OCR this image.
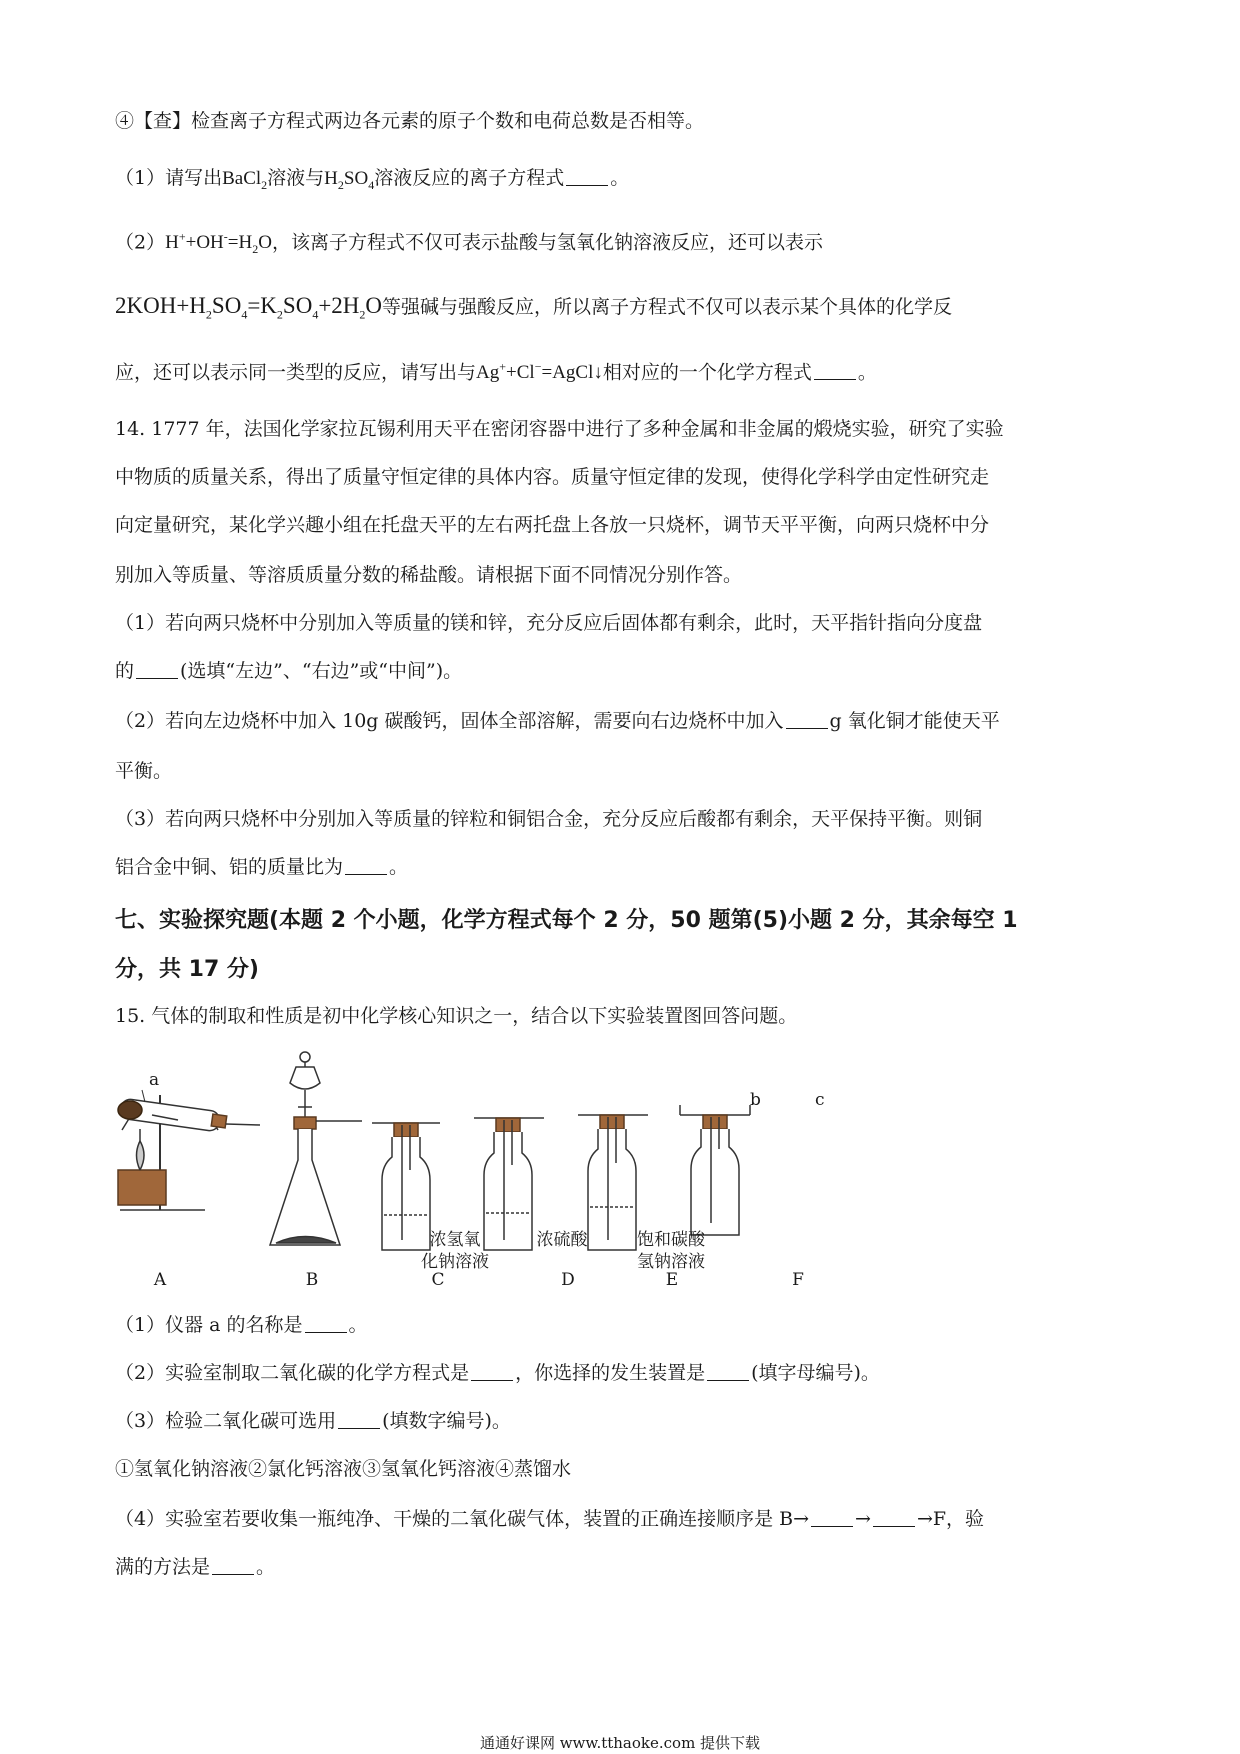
④【查】检查离子方程式两边各元素的原子个数和电荷总数是否相等。
（1）请写出BaCl$_2$溶液与$H_2SO_4$溶液反应的离子方程式 。
$(2)H^++OH^-=H_2O$，该离子方程式不仅可表示盐酸与氢氧化钠溶液反应，还可以表示
$2KOH+H_2SO_4=K_2SO_4+2H_2O$等强碱与强酸反应，所以离子方程式不仅可以表示某个具体的化学反
应，还可以表示同一类型的反应，请写出与Ag++Cl−=AgCl↓相对应的一个化学方程式 。
14. 1777 年，法国化学家拉瓦锡利用天平在密闭容器中进行了多种金属和非金属的煅烧实验，研究了实验
中物质的质量关系，得出了质量守恒定律的具体内容。质量守恒定律的发现，使得化学科学由定性研究走
向定量研究，某化学兴趣小组在托盘天平的左右两托盘上各放一只烧杯，调节天平平衡，向两只烧杯中分
别加入等质量、等溶质质量分数的稀盐酸。请根据下面不同情况分别作答。
（1）若向两只烧杯中分别加入等质量的镁和锌，充分反应后固体都有剩余，此时，天平指针指向分度盘
的 (选填“左边”、“右边”或“中间”)。
（2）若向左边烧杯中加入 10g 碳酸钙，固体全部溶解，需要向右边烧杯中加入 g 氧化铜才能使天平
平衡。
（3）若向两只烧杯中分别加入等质量的锌粒和铜铝合金，充分反应后酸都有剩余，天平保持平衡。则铜
铝合金中铜、铝的质量比为 。
七、实验探究题(本题 2 个小题，化学方程式每个 2 分，50 题第(5)小题 2 分，其余每空 1
分，共 17 分)
15. 气体的制取和性质是初中化学核心知识之一，结合以下实验装置图回答问题。
a
b	c
浓氢氧
化钠溶液
浓硫酸	饱和碳酸
氢钠溶液
A	B	C	D	E	F
（1）仪器 a 的名称是 。
（2）实验室制取二氧化碳的化学方程式是 ，你选择的发生装置是 (填字母编号)。
（3）检验二氧化碳可选用 (填数字编号)。
①氢氧化钠溶液②氯化钙溶液③氢氧化钙溶液④蒸馏水
（4）实验室若要收集一瓶纯净、干燥的二氧化碳气体，装置的正确连接顺序是 B→ → →F，验
满的方法是 。
通通好课网 www.tthaoke.com 提供下载
